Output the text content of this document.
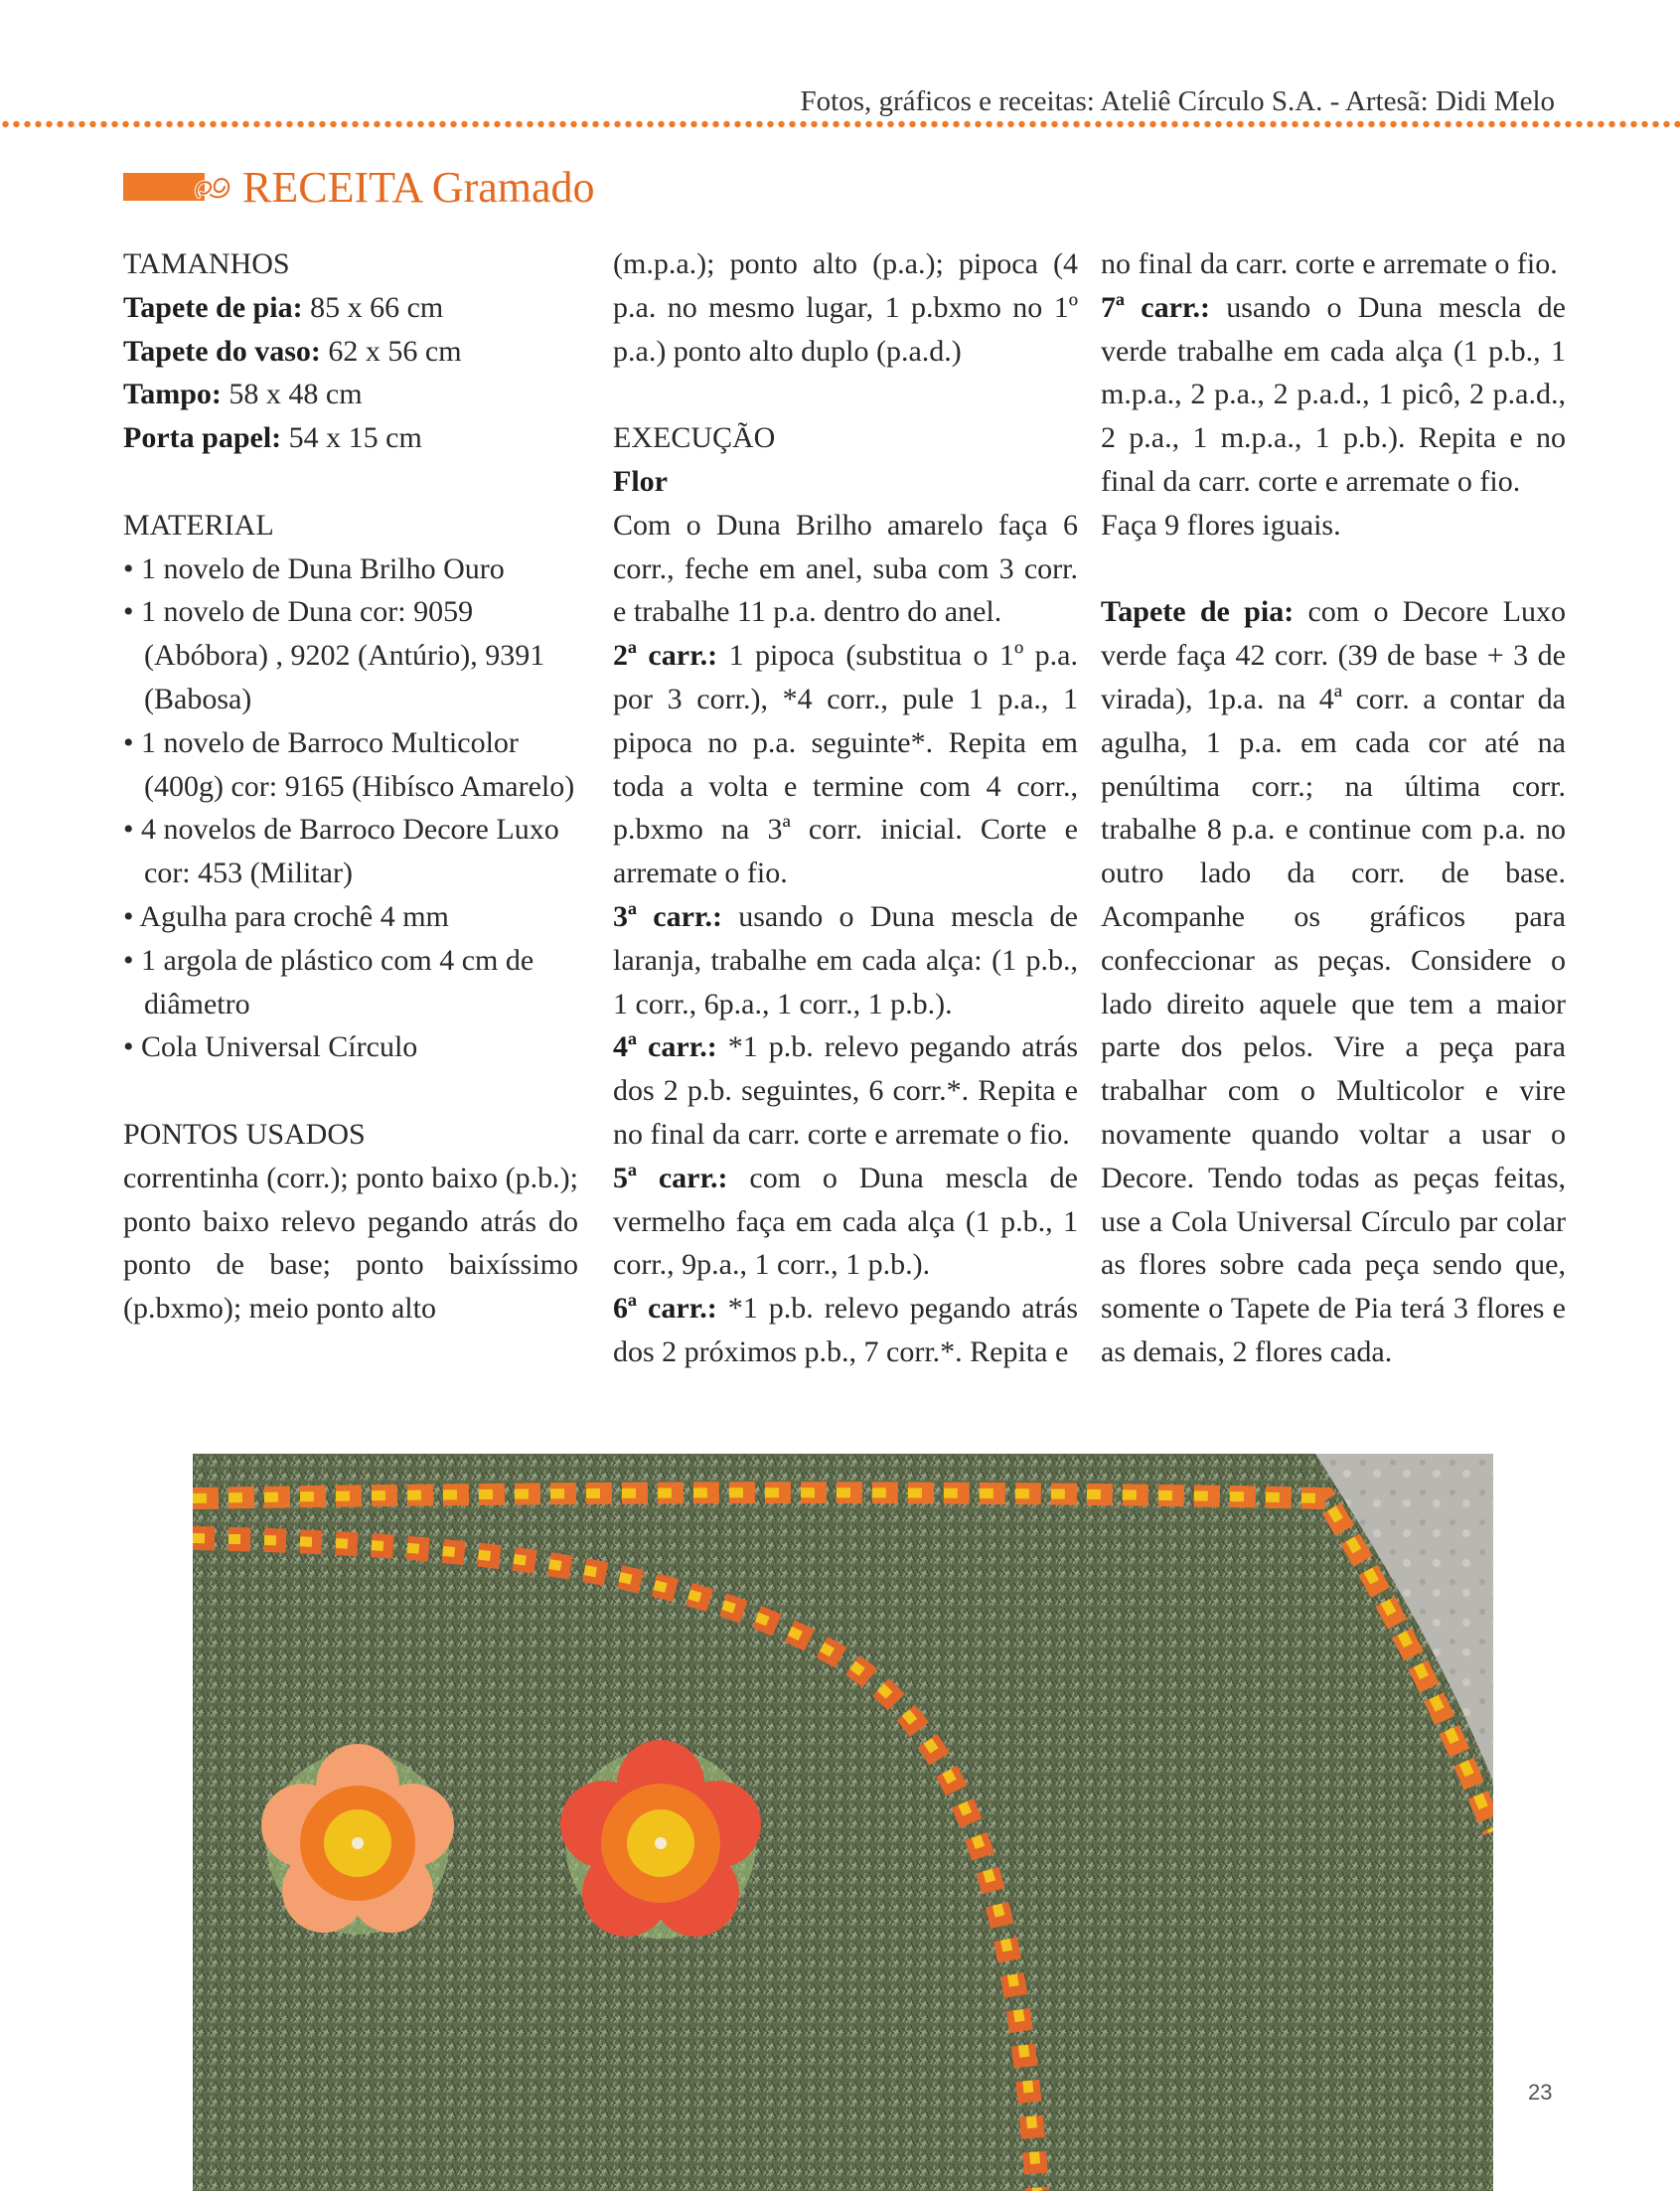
Fotos, gráficos e receitas: Ateliê Círculo S.A. - Artesã: Didi Melo
RECEITA Gramado

TAMANHOS

Tapete de pia: 85 x 66 cm

Tapete do vaso: 62 x 56 cm

Tampo: 58 x 48 cm

Porta papel: 54 x 15 cm

MATERIAL

• 1 novelo de Duna Brilho Ouro

• 1 novelo de Duna cor: 9059 (Abóbora) , 9202 (Antúrio), 9391 (Babosa)

• 1 novelo de Barroco Multicolor (400g) cor: 9165 (Hibísco Amarelo)

• 4 novelos de Barroco Decore Luxo cor: 453 (Militar)

• Agulha para crochê 4 mm

• 1 argola de plástico com 4 cm de diâmetro

• Cola Universal Círculo

PONTOS USADOS

correntinha (corr.); ponto baixo (p.b.); ponto baixo relevo pegando atrás do ponto de base; ponto baixíssimo (p.bxmo); meio ponto alto

(m.p.a.); ponto alto (p.a.); pipoca (4 p.a. no mesmo lugar, 1 p.bxmo no 1º p.a.) ponto alto duplo (p.a.d.)

EXECUÇÃO

Flor

Com o Duna Brilho amarelo faça 6 corr., feche em anel, suba com 3 corr. e trabalhe 11 p.a. dentro do anel.

2ª carr.: 1 pipoca (substitua o 1º p.a. por 3 corr.), *4 corr., pule 1 p.a., 1 pipoca no p.a. seguinte*. Repita em toda a volta e termine com 4 corr., p.bxmo na 3ª corr. inicial. Corte e arremate o fio.

3ª carr.: usando o Duna mescla de laranja, trabalhe em cada alça: (1 p.b., 1 corr., 6p.a., 1 corr., 1 p.b.).

4ª carr.: *1 p.b. relevo pegando atrás dos 2 p.b. seguintes, 6 corr.*. Repita e no final da carr. corte e arremate o fio.

5ª carr.: com o Duna mescla de vermelho faça em cada alça (1 p.b., 1 corr., 9p.a., 1 corr., 1 p.b.).

6ª carr.: *1 p.b. relevo pegando atrás dos 2 próximos p.b., 7 corr.*. Repita e

no final da carr. corte e arremate o fio.

7ª carr.: usando o Duna mescla de verde trabalhe em cada alça (1 p.b., 1 m.p.a., 2 p.a., 2 p.a.d., 1 picô, 2 p.a.d., 2 p.a., 1 m.p.a., 1 p.b.). Repita e no final da carr. corte e arremate o fio.

Faça 9 flores iguais.

Tapete de pia: com o Decore Luxo verde faça 42 corr. (39 de base + 3 de virada), 1p.a. na 4ª corr. a contar da agulha, 1 p.a. em cada cor até na penúltima corr.; na última corr. trabalhe 8 p.a. e continue com p.a. no outro lado da corr. de base. Acompanhe os gráficos para confeccionar as peças. Considere o lado direito aquele que tem a maior parte dos pelos. Vire a peça para trabalhar com o Multicolor e vire novamente quando voltar a usar o Decore. Tendo todas as peças feitas, use a Cola Universal Círculo par colar as flores sobre cada peça sendo que, somente o Tapete de Pia terá 3 flores e as demais, 2 flores cada.

23
